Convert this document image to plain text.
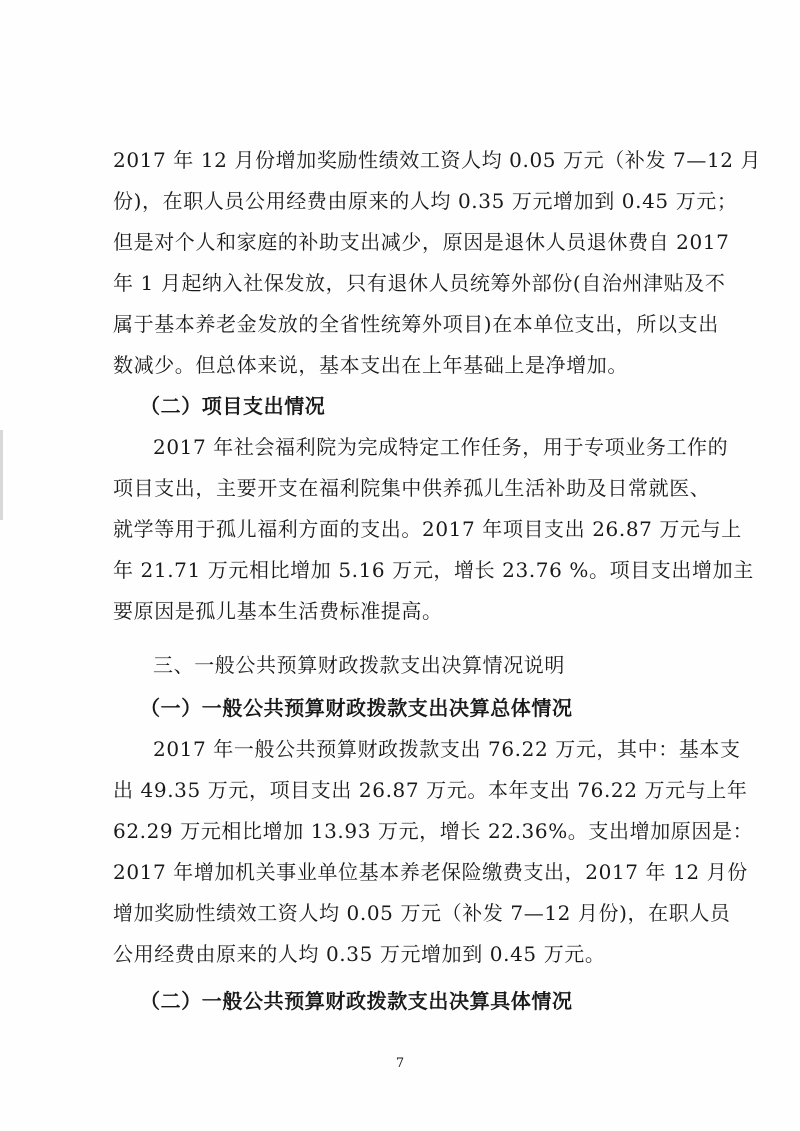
2017 年 12 月份增加奖励性绩效工资人均 0.05 万元（补发 7—12 月
份)，在职人员公用经费由原来的人均 0.35 万元增加到 0.45 万元；
但是对个人和家庭的补助支出减少，原因是退休人员退休费自 2017
年 1 月起纳入社保发放，只有退休人员统筹外部份(自治州津贴及不
属于基本养老金发放的全省性统筹外项目)在本单位支出，所以支出
数减少。但总体来说，基本支出在上年基础上是净增加。
（二）项目支出情况
2017 年社会福利院为完成特定工作任务，用于专项业务工作的
项目支出，主要开支在福利院集中供养孤儿生活补助及日常就医、
就学等用于孤儿福利方面的支出。2017 年项目支出 26.87 万元与上
年 21.71 万元相比增加 5.16 万元，增长 23.76 %。项目支出增加主
要原因是孤儿基本生活费标准提高。
三、一般公共预算财政拨款支出决算情况说明
（一）一般公共预算财政拨款支出决算总体情况
2017 年一般公共预算财政拨款支出 76.22 万元，其中：基本支
出 49.35 万元，项目支出 26.87 万元。本年支出 76.22 万元与上年
62.29 万元相比增加 13.93 万元，增长 22.36%。支出增加原因是：
2017 年增加机关事业单位基本养老保险缴费支出，2017 年 12 月份
增加奖励性绩效工资人均 0.05 万元（补发 7—12 月份)，在职人员
公用经费由原来的人均 0.35 万元增加到 0.45 万元。
（二）一般公共预算财政拨款支出决算具体情况
7
